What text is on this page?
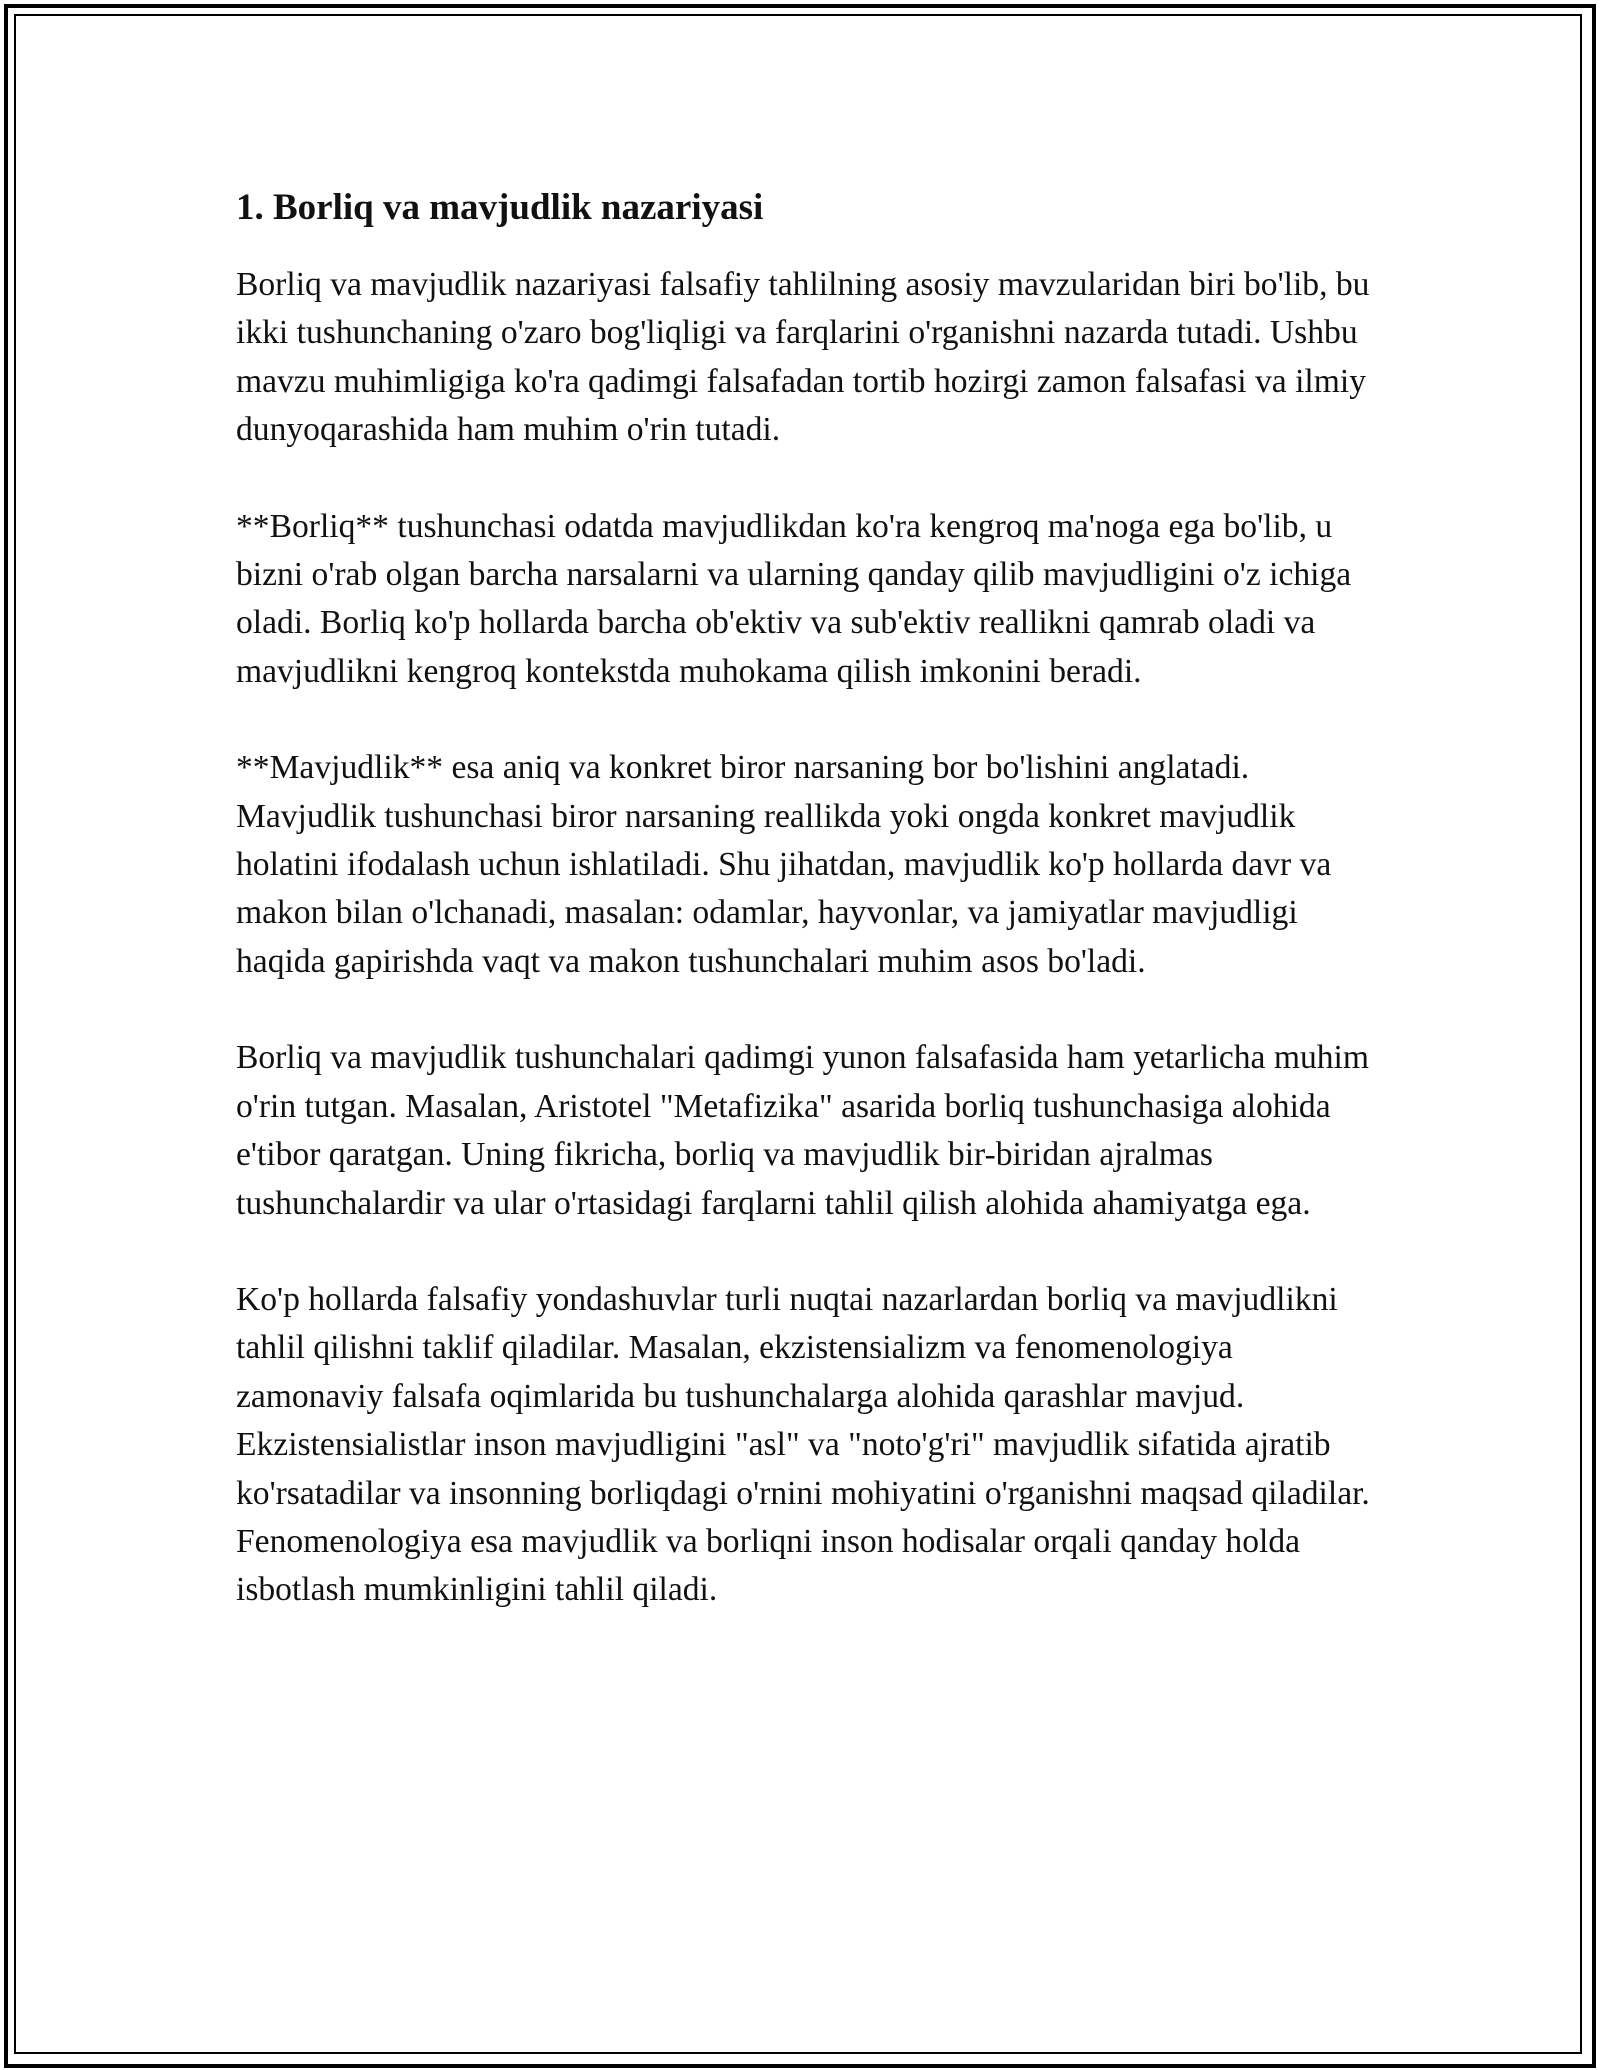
1. Borliq va mavjudlik nazariyasi

Borliq va mavjudlik nazariyasi falsafiy tahlilning asosiy mavzularidan biri bo'lib, bu ikki tushunchaning o'zaro bog'liqligi va farqlarini o'rganishni nazarda tutadi. Ushbu mavzu muhimligiga ko'ra qadimgi falsafadan tortib hozirgi zamon falsafasi va ilmiy dunyoqarashida ham muhim o'rin tutadi.

**Borliq** tushunchasi odatda mavjudlikdan ko'ra kengroq ma'noga ega bo'lib, u bizni o'rab olgan barcha narsalarni va ularning qanday qilib mavjudligini o'z ichiga oladi. Borliq ko'p hollarda barcha ob'ektiv va sub'ektiv reallikni qamrab oladi va mavjudlikni kengroq kontekstda muhokama qilish imkonini beradi.

**Mavjudlik** esa aniq va konkret biror narsaning bor bo'lishini anglatadi. Mavjudlik tushunchasi biror narsaning reallikda yoki ongda konkret mavjudlik holatini ifodalash uchun ishlatiladi. Shu jihatdan, mavjudlik ko'p hollarda davr va makon bilan o'lchanadi, masalan: odamlar, hayvonlar, va jamiyatlar mavjudligi haqida gapirishda vaqt va makon tushunchalari muhim asos bo'ladi.

Borliq va mavjudlik tushunchalari qadimgi yunon falsafasida ham yetarlicha muhim o'rin tutgan. Masalan, Aristotel "Metafizika" asarida borliq tushunchasiga alohida e'tibor qaratgan. Uning fikricha, borliq va mavjudlik bir-biridan ajralmas tushunchalardir va ular o'rtasidagi farqlarni tahlil qilish alohida ahamiyatga ega.

Ko'p hollarda falsafiy yondashuvlar turli nuqtai nazarlardan borliq va mavjudlikni tahlil qilishni taklif qiladilar. Masalan, ekzistensializm va fenomenologiya zamonaviy falsafa oqimlarida bu tushunchalarga alohida qarashlar mavjud. Ekzistensialistlar inson mavjudligini "asl" va "noto'g'ri" mavjudlik sifatida ajratib ko'rsatadilar va insonning borliqdagi o'rnini mohiyatini o'rganishni maqsad qiladilar. Fenomenologiya esa mavjudlik va borliqni inson hodisalar orqali qanday holda isbotlash mumkinligini tahlil qiladi.
